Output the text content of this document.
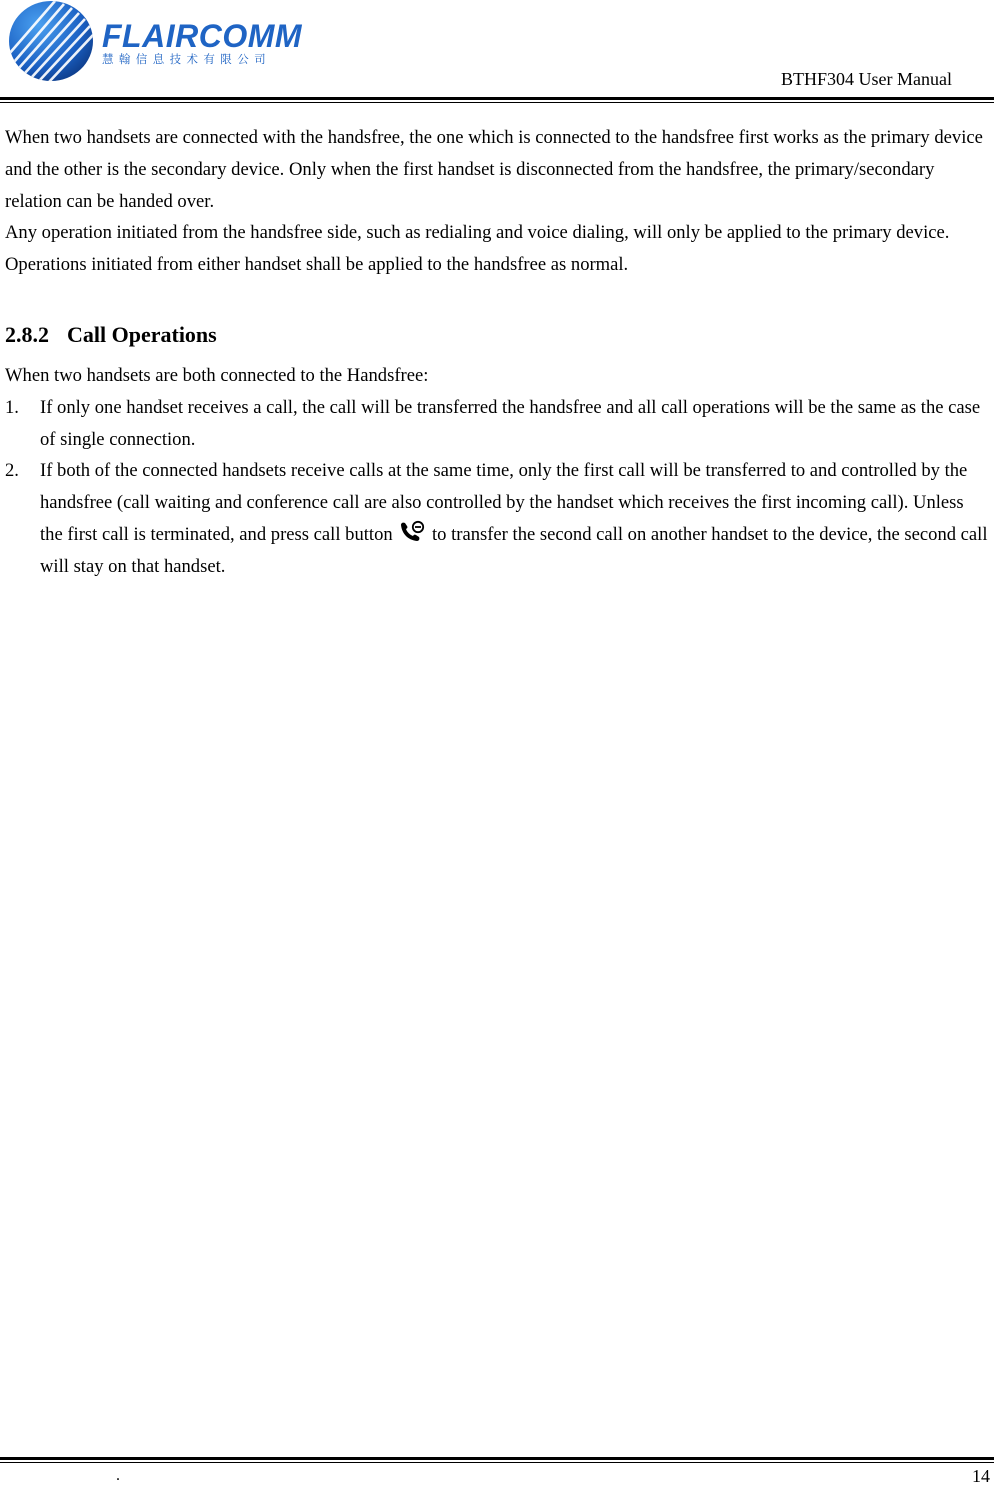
FLAIRCOMM
慧翰信息技术有限公司
BTHF304 User Manual

When two handsets are connected with the handsfree, the one which is connected to the handsfree first works as the primary device and the other is the secondary device. Only when the first handset is disconnected from the handsfree, the primary/secondary relation can be handed over.

Any operation initiated from the handsfree side, such as redialing and voice dialing, will only be applied to the primary device.

Operations initiated from either handset shall be applied to the handsfree as normal.

2.8.2 Call Operations

When two handsets are both connected to the Handsfree:

1. If only one handset receives a call, the call will be transferred the handsfree and all call operations will be the same as the case of single connection.
2. If both of the connected handsets receive calls at the same time, only the first call will be transferred to and controlled by the handsfree (call waiting and conference call are also controlled by the handset which receives the first incoming call). Unless the first call is terminated, and press call button to transfer the second call on another handset to the device, the second call will stay on that handset.
.	14
